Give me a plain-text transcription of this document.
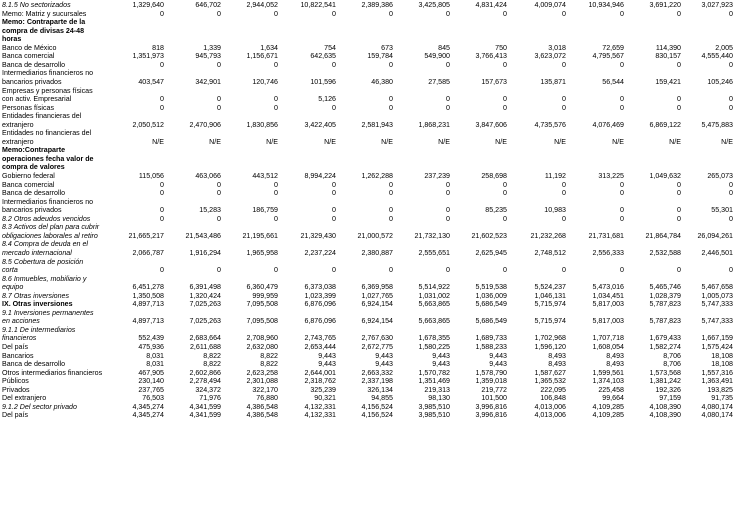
8.1.5 No sectorizados	1,329,640	646,702	2,944,052	10,822,541	2,389,386	3,425,805	4,831,424	4,009,074	10,934,946	3,691,220	3,027,923
Memo: Matriz y sucursales	0	0	0	0	0	0	0	0	0	0	0
Memo: Contraparte de la
compra de divisas 24-48
horas
Banco de México	818	1,339	1,634	754	673	845	750	3,018	72,659	114,390	2,005
Banca comercial	1,351,973	945,793	1,156,671	642,635	159,784	549,900	3,766,413	3,623,072	4,795,567	830,157	4,555,440
Banca de desarrollo	0	0	0	0	0	0	0	0	0	0	0
Intermediarios financieros no
bancarios privados	403,547	342,901	120,746	101,596	46,380	27,585	157,673	135,871	56,544	159,421	105,246
Empresas y personas físicas
con activ. Empresarial	0	0	0	5,126	0	0	0	0	0	0	0
Personas físicas	0	0	0	0	0	0	0	0	0	0	0
Entidades financieras del
extranjero	2,050,512	2,470,906	1,830,856	3,422,405	2,581,943	1,868,231	3,847,606	4,735,576	4,076,469	6,869,122	5,475,883
Entidades no financieras del
extranjero	N/E	N/E	N/E	N/E	N/E	N/E	N/E	N/E	N/E	N/E	N/E
Memo:Contraparte
operaciones fecha valor de
compra de valores
Gobierno federal	115,056	463,066	443,512	8,994,224	1,262,288	237,239	258,698	11,192	313,225	1,049,632	265,073
Banca comercial	0	0	0	0	0	0	0	0	0	0	0
Banca de desarrollo	0	0	0	0	0	0	0	0	0	0	0
Intermediarios financieros no
bancarios privados	0	15,283	186,759	0	0	0	85,235	10,983	0	0	55,301
8.2 Otros adeudos vencidos	0	0	0	0	0	0	0	0	0	0	0
8.3 Activos del plan para cubrir
obligaciones laborales al retiro	21,665,217	21,543,486	21,195,661	21,329,430	21,000,572	21,732,130	21,602,523	21,232,268	21,731,681	21,864,784	26,094,261
8.4 Compra de deuda en el
mercado internacional	2,066,787	1,916,294	1,965,958	2,237,224	2,380,887	2,555,651	2,625,945	2,748,512	2,556,333	2,532,588	2,446,501
8.5 Cobertura de posición
corta	0	0	0	0	0	0	0	0	0	0	0
8.6 Inmuebles, mobiliario y
equipo	6,451,278	6,391,498	6,360,479	6,373,038	6,369,958	5,514,922	5,519,538	5,524,237	5,473,016	5,465,746	5,467,658
8.7 Otras inversiones	1,350,508	1,320,424	999,959	1,023,399	1,027,765	1,031,002	1,036,009	1,046,131	1,034,451	1,028,379	1,005,073
IX. Otras inversiones	4,897,713	7,025,263	7,095,508	6,876,096	6,924,154	5,663,865	5,686,549	5,715,974	5,817,003	5,787,823	5,747,333
9.1 Inversiones permanentes
en acciones	4,897,713	7,025,263	7,095,508	6,876,096	6,924,154	5,663,865	5,686,549	5,715,974	5,817,003	5,787,823	5,747,333
9.1.1 De intermediarios
financieros	552,439	2,683,664	2,708,960	2,743,765	2,767,630	1,678,355	1,689,733	1,702,968	1,707,718	1,679,433	1,667,159
Del país	475,936	2,611,688	2,632,080	2,653,444	2,672,775	1,580,225	1,588,233	1,596,120	1,608,054	1,582,274	1,575,424
Bancarios	8,031	8,822	8,822	9,443	9,443	9,443	9,443	8,493	8,493	8,706	18,108
Banca de desarrollo	8,031	8,822	8,822	9,443	9,443	9,443	9,443	8,493	8,493	8,706	18,108
Otros intermediarios financieros	467,905	2,602,866	2,623,258	2,644,001	2,663,332	1,570,782	1,578,790	1,587,627	1,599,561	1,573,568	1,557,316
Públicos	230,140	2,278,494	2,301,088	2,318,762	2,337,198	1,351,469	1,359,018	1,365,532	1,374,103	1,381,242	1,363,491
Privados	237,765	324,372	322,170	325,239	326,134	219,313	219,772	222,095	225,458	192,326	193,825
Del extranjero	76,503	71,976	76,880	90,321	94,855	98,130	101,500	106,848	99,664	97,159	91,735
9.1.2 Del sector privado	4,345,274	4,341,599	4,386,548	4,132,331	4,156,524	3,985,510	3,996,816	4,013,006	4,109,285	4,108,390	4,080,174
Del país	4,345,274	4,341,599	4,386,548	4,132,331	4,156,524	3,985,510	3,996,816	4,013,006	4,109,285	4,108,390	4,080,174
